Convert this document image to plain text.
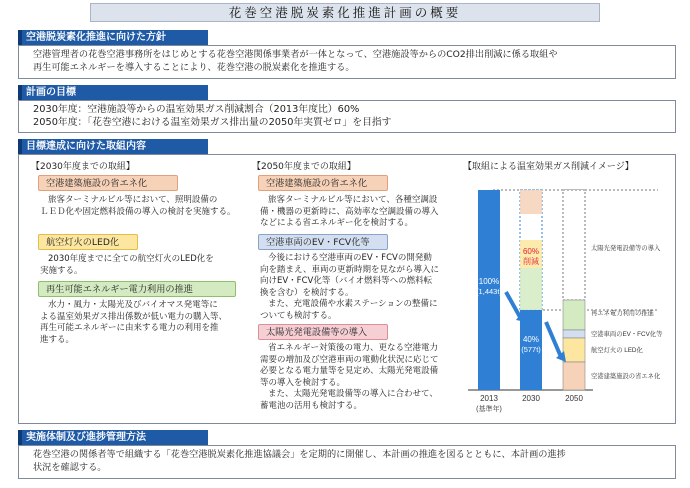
花巻空港脱炭素化推進計画の概要
空港脱炭素化推進に向けた方針

空港管理者の花巻空港事務所をはじめとする花巻空港関係事業者が一体となって、空港施設等からのCO2排出削減に係る取組や

再生可能エネルギーを導入することにより、花巻空港の脱炭素化を推進する。

計画の目標

2030年度：空港施設等からの温室効果ガス削減割合（2013年度比）60%

2050年度：「花巻空港における温室効果ガス排出量の2050年実質ゼロ」を目指す

目標達成に向けた取組内容
【2030年度までの取組】	【2050年度までの取組】	【取組による温室効果ガス削減イメージ】
空港建築施設の省エネ化

旅客ターミナルビル等において、照明設備の

ＬＥＤ化や固定燃料設備の導入の検討を実施する。

航空灯火のLED化

2030年度までに全ての航空灯火のLED化を

実施する。

再生可能エネルギー電力利用の推進

水力・風力・太陽光及びバイオマス発電等に

よる温室効果ガス排出係数が低い電力の購入等、

再生可能エネルギーに由来する電力の利用を推

進する。

空港建築施設の省エネ化

旅客ターミナルビル等において、各種空調設

備・機器の更新時に、高効率な空調設備の導入

などによる省エネルギー化を検討する。

空港車両のEV・FCV化等

今後における空港車両のEV・FCVの開発動

向を踏まえ、車両の更新時期を見ながら導入に

向けEV・FCV化等（バイオ燃料等への燃料転

換を含む）を検討する。

また、充電設備や水素ステーションの整備に

ついても検討する。

太陽光発電設備等の導入

省エネルギー対策後の電力、更なる空港電力

需要の増加及び空港車両の電動化状況に応じて

必要となる電力量等を見定め、太陽光発電設備

等の導入を検討する。

また、太陽光発電設備等の導入に合わせて、

蓄電池の活用も検討する。

100%
(1,443t)
60%
削減
40%
(577t)
太陽光発電設備等の導入
再エネ電力利用の推進
空港車両のEV・FCV化等
航空灯火の LED化
空港建築施設の省エネ化
2013
(基準年)
2030	2050
実施体制及び進捗管理方法

花巻空港の関係者等で組織する「花巻空港脱炭素化推進協議会」を定期的に開催し、本計画の推進を図るとともに、本計画の進捗

状況を確認する。
